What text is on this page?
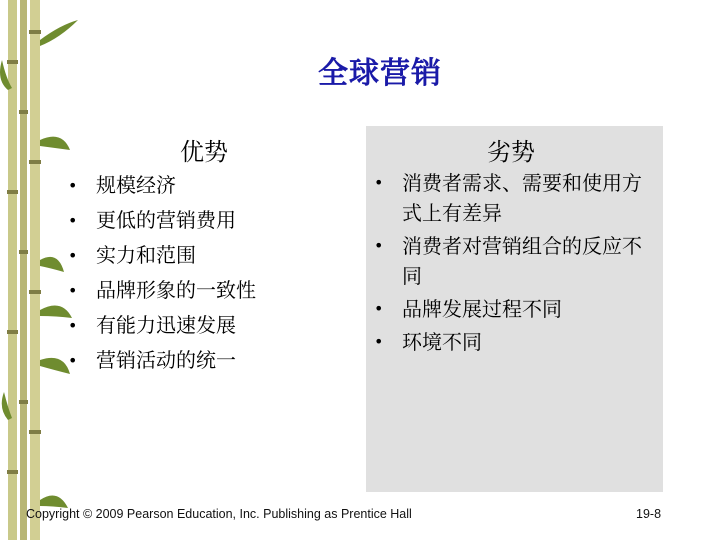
全球营销
优势
• 规模经济
• 更低的营销费用
• 实力和范围
• 品牌形象的一致性
• 有能力迅速发展
• 营销活动的统一
劣势
• 消费者需求、需要和使用方式上有差异
• 消费者对营销组合的反应不同
• 品牌发展过程不同
• 环境不同
Copyright © 2009 Pearson Education, Inc. Publishing as Prentice Hall	19-8
